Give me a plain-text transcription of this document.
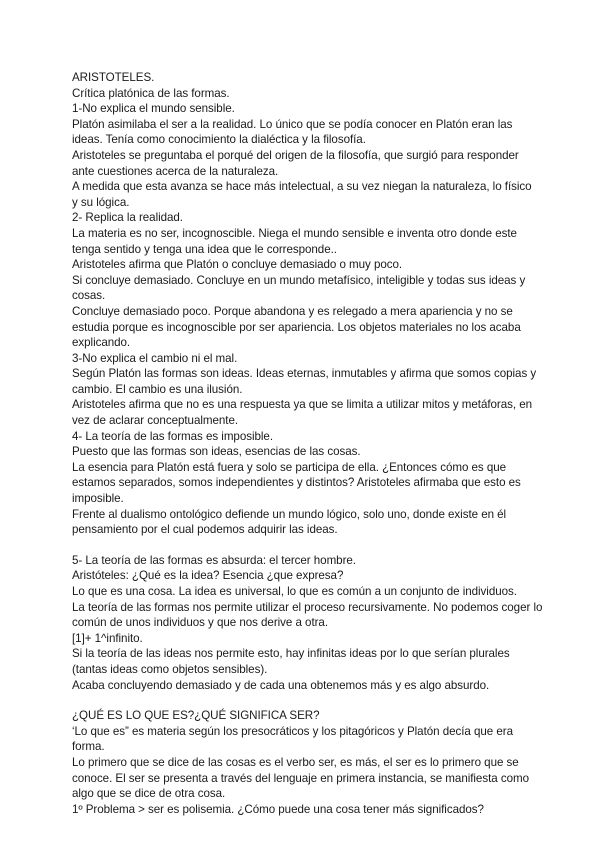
ARISTOTELES.

Crítica platónica de las formas.

1-No explica el mundo sensible.

Platón asimilaba el ser a la realidad. Lo único que se podía conocer en Platón eran las

ideas. Tenía como conocimiento la dialéctica y la filosofía.

Aristoteles se preguntaba el porqué del origen de la filosofía, que surgió para responder

ante cuestiones acerca de la naturaleza.

A medida que esta avanza se hace más intelectual, a su vez niegan la naturaleza, lo físico

y su lógica.

2- Replica la realidad.

La materia es no ser, incognoscible. Niega el mundo sensible e inventa otro donde este

tenga sentido y tenga una idea que le corresponde..

Aristoteles afirma que Platón o concluye demasiado o muy poco.

Si concluye demasiado. Concluye en un mundo metafísico, inteligible y todas sus ideas y

cosas.

Concluye demasiado poco. Porque abandona y es relegado a mera apariencia y no se

estudia porque es incognoscible por ser apariencia. Los objetos materiales no los acaba

explicando.

3-No explica el cambio ni el mal.

Según Platón las formas son ideas. Ideas eternas, inmutables y afirma que somos copias y

cambio. El cambio es una ilusión.

Aristoteles afirma que no es una respuesta ya que se limita a utilizar mitos y metáforas, en

vez de aclarar conceptualmente.

4- La teoría de las formas es imposible.

Puesto que las formas son ideas, esencias de las cosas.

La esencia para Platón está fuera y solo se participa de ella. ¿Entonces cómo es que

estamos separados, somos independientes y distintos? Aristoteles afirmaba que esto es

imposible.

Frente al dualismo ontológico defiende un mundo lógico, solo uno, donde existe en él

pensamiento por el cual podemos adquirir las ideas.

5- La teoría de las formas es absurda: el tercer hombre.

Aristóteles: ¿Qué es la idea? Esencia ¿que expresa?

Lo que es una cosa. La idea es universal, lo que es común a un conjunto de individuos.

La teoría de las formas nos permite utilizar el proceso recursivamente. No podemos coger lo

común de unos individuos y que nos derive a otra.

[1]+ 1^infinito.

Si la teoría de las ideas nos permite esto, hay infinitas ideas por lo que serían plurales

(tantas ideas como objetos sensibles).

Acaba concluyendo demasiado y de cada una obtenemos más y es algo absurdo.

¿QUÉ ES LO QUE ES?¿QUÉ SIGNIFICA SER?

‘Lo que es” es materia según los presocráticos y los pitagóricos y Platón decía que era

forma.

Lo primero que se dice de las cosas es el verbo ser, es más, el ser es lo primero que se

conoce. El ser se presenta a través del lenguaje en primera instancia, se manifiesta como

algo que se dice de otra cosa.

1º Problema > ser es polisemia. ¿Cómo puede una cosa tener más significados?
